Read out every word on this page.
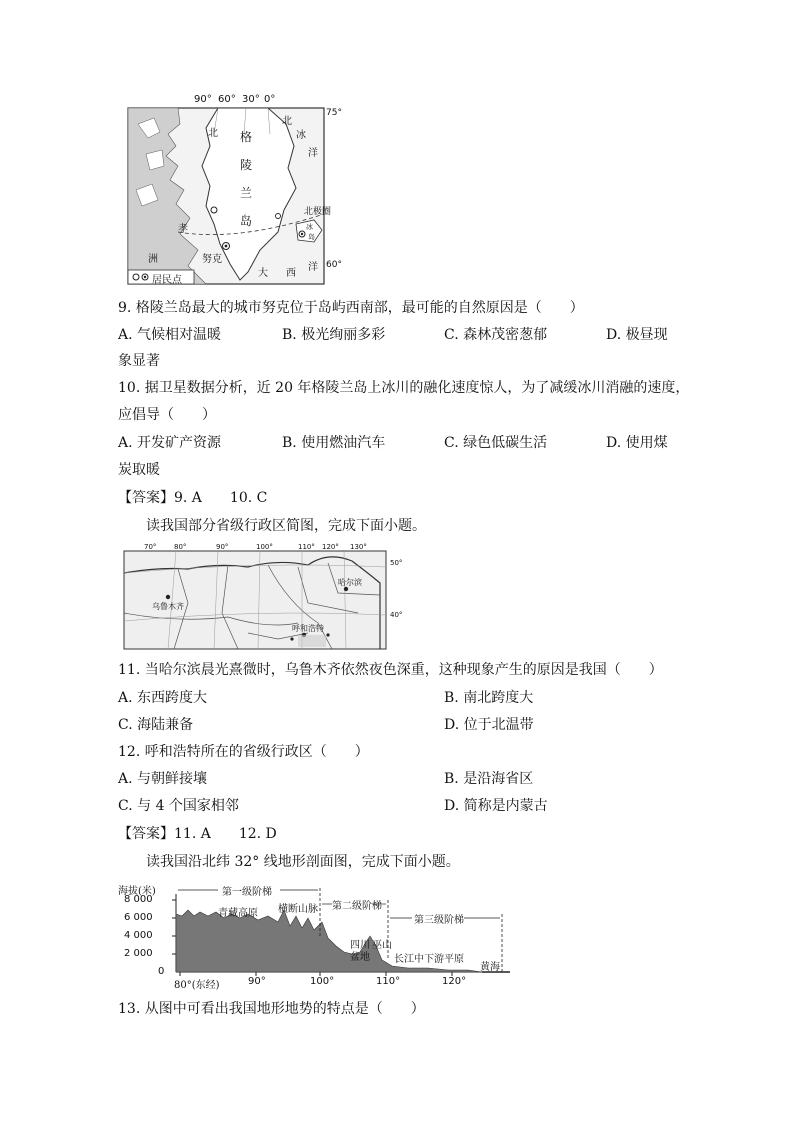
90° 60° 30° 0°
75°
60°
北
北
冰
洋
格
陵
兰
岛
北极圈
孝
洲	努克
大 西
洋
冰
岛
居民点
9. 格陵兰岛最大的城市努克位于岛屿西南部，最可能的自然原因是（　　）
A. 气候相对温暖	B. 极光绚丽多彩	C. 森林茂密葱郁	D. 极昼现
象显著
10. 据卫星数据分析，近 20 年格陵兰岛上冰川的融化速度惊人，为了减缓冰川消融的速度，
应倡导（　　）
A. 开发矿产资源	B. 使用燃油汽车	C. 绿色低碳生活	D. 使用煤
炭取暖
【答案】9. A　　10. C
读我国部分省级行政区简图，完成下面小题。
70°	80°	90°	100°	110° 120° 130°
50°
40°
乌鲁木齐
哈尔滨
呼和浩特
11. 当哈尔滨晨光熹微时，乌鲁木齐依然夜色深重，这种现象产生的原因是我国（　　）
A. 东西跨度大	B. 南北跨度大
C. 海陆兼备	D. 位于北温带
12. 呼和浩特所在的省级行政区（　　）
A. 与朝鲜接壤	B. 是沿海省区
C. 与 4 个国家相邻	D. 简称是内蒙古
【答案】11. A　　12. D
读我国沿北纬 32° 线地形剖面图，完成下面小题。
海拔(米)
8 000
6 000
4 000
2 000
0
80°(东经)	90°	100°	110°	120°
第一级阶梯
第二级阶梯
第三级阶梯
青藏高原 横断山脉
四川
盆地
巫山
长江中下游平原
黄海
13. 从图中可看出我国地形地势的特点是（　　）
